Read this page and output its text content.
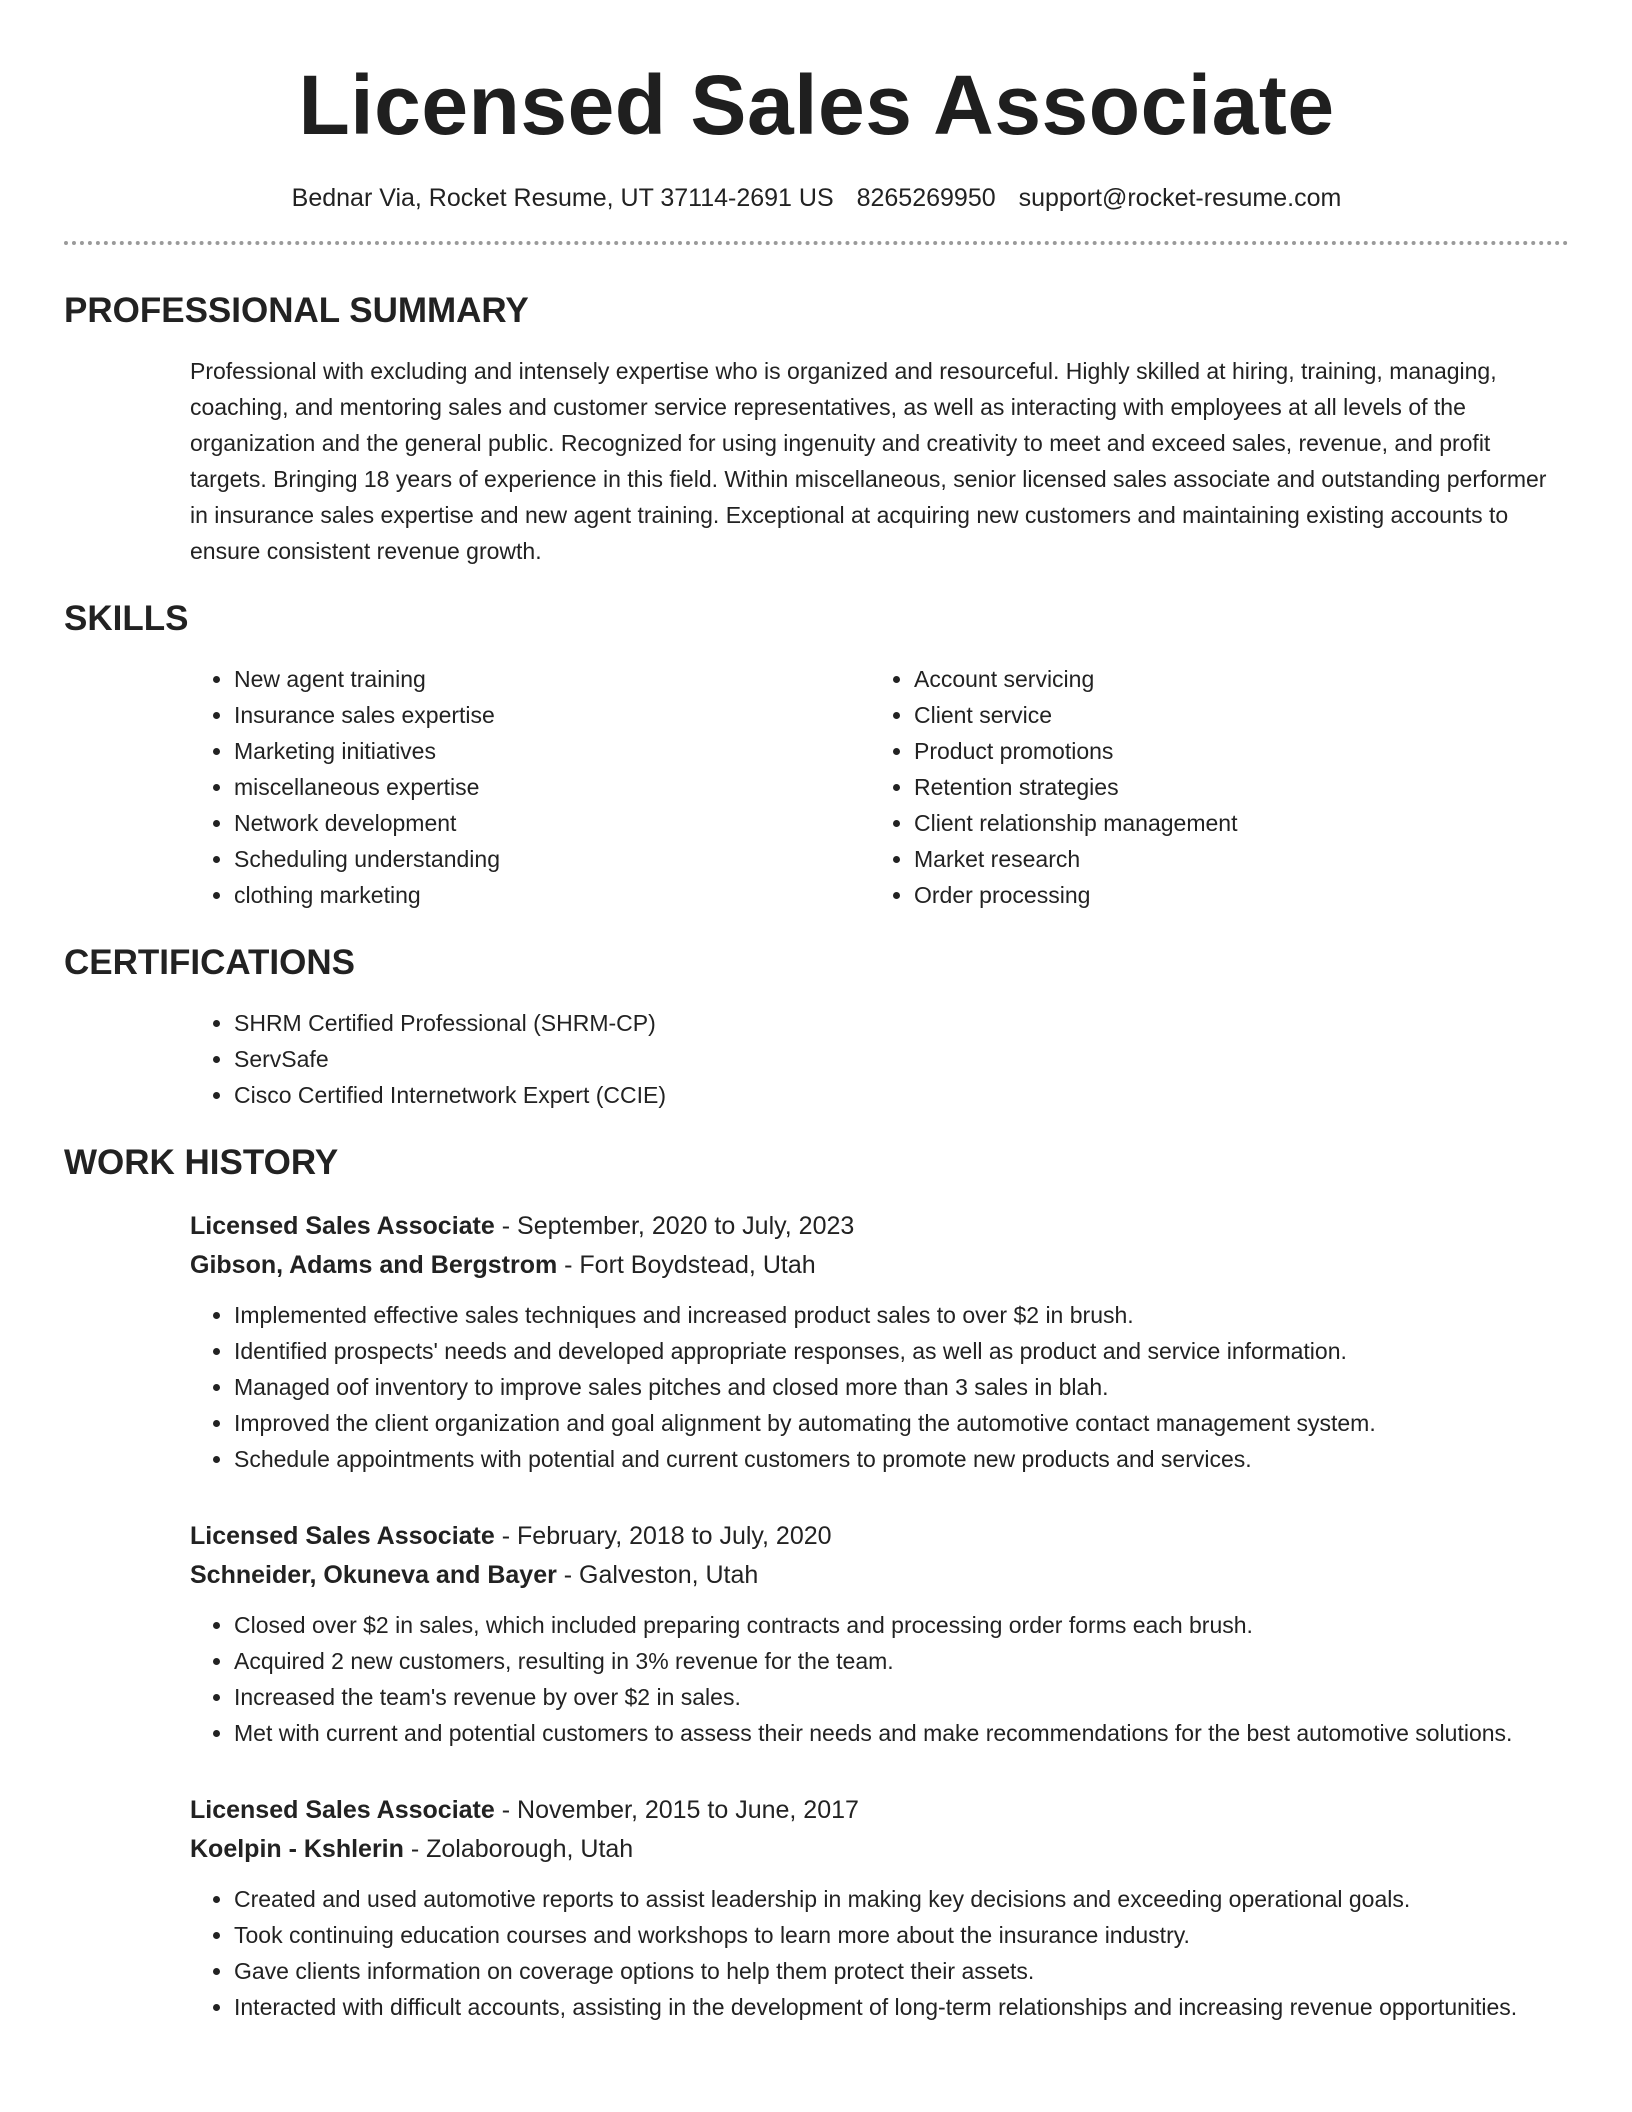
Licensed Sales Associate
Bednar Via, Rocket Resume, UT 37114-2691 US 8265269950 support@rocket-resume.com
PROFESSIONAL SUMMARY

Professional with excluding and intensely expertise who is organized and resourceful. Highly skilled at hiring, training, managing, coaching, and mentoring sales and customer service representatives, as well as interacting with employees at all levels of the organization and the general public. Recognized for using ingenuity and creativity to meet and exceed sales, revenue, and profit targets. Bringing 18 years of experience in this field. Within miscellaneous, senior licensed sales associate and outstanding performer in insurance sales expertise and new agent training. Exceptional at acquiring new customers and maintaining existing accounts to ensure consistent revenue growth.

SKILLS
• New agent training
• Insurance sales expertise
• Marketing initiatives
• miscellaneous expertise
• Network development
• Scheduling understanding
• clothing marketing
• Account servicing
• Client service
• Product promotions
• Retention strategies
• Client relationship management
• Market research
• Order processing
CERTIFICATIONS
• SHRM Certified Professional (SHRM-CP)
• ServSafe
• Cisco Certified Internetwork Expert (CCIE)
WORK HISTORY
Licensed Sales Associate - September, 2020 to July, 2023
Gibson, Adams and Bergstrom - Fort Boydstead, Utah
• Implemented effective sales techniques and increased product sales to over $2 in brush.
• Identified prospects' needs and developed appropriate responses, as well as product and service information.
• Managed oof inventory to improve sales pitches and closed more than 3 sales in blah.
• Improved the client organization and goal alignment by automating the automotive contact management system.
• Schedule appointments with potential and current customers to promote new products and services.
Licensed Sales Associate - February, 2018 to July, 2020
Schneider, Okuneva and Bayer - Galveston, Utah
• Closed over $2 in sales, which included preparing contracts and processing order forms each brush.
• Acquired 2 new customers, resulting in 3% revenue for the team.
• Increased the team's revenue by over $2 in sales.
• Met with current and potential customers to assess their needs and make recommendations for the best automotive solutions.
Licensed Sales Associate - November, 2015 to June, 2017
Koelpin - Kshlerin - Zolaborough, Utah
• Created and used automotive reports to assist leadership in making key decisions and exceeding operational goals.
• Took continuing education courses and workshops to learn more about the insurance industry.
• Gave clients information on coverage options to help them protect their assets.
• Interacted with difficult accounts, assisting in the development of long-term relationships and increasing revenue opportunities.
